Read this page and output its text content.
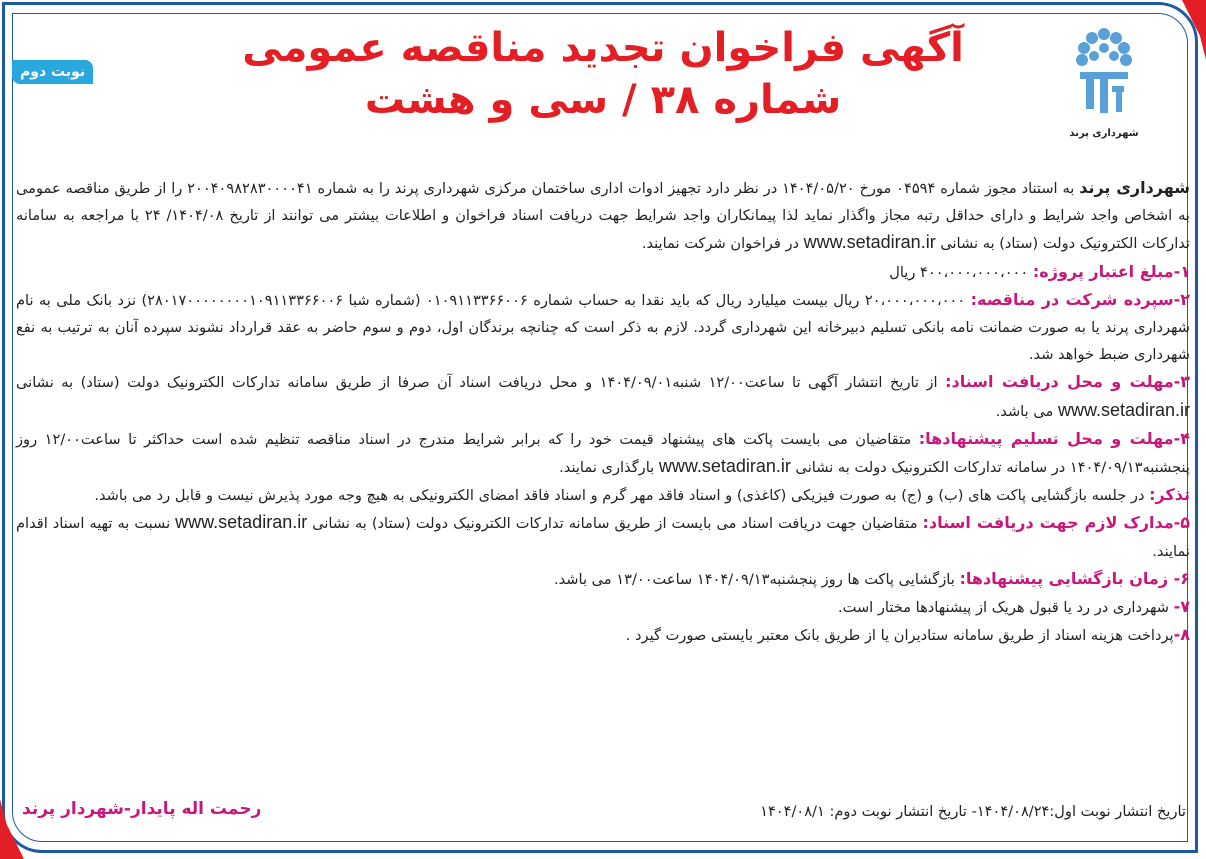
شهرداری پرند
نوبت دوم
آگهی فراخوان تجدید مناقصه عمومی
شماره ۳۸ / سی و هشت

شهرداری پرند به استناد مجوز شماره ۰۴۵۹۴ مورخ ۱۴۰۴/۰۵/۲۰ در نظر دارد تجهیز ادوات اداری ساختمان مرکزی شهرداری پرند را به شماره ۲۰۰۴۰۹۸۲۸۳۰۰۰۰۴۱ را از طریق مناقصه عمومی به اشخاص واجد شرایط و دارای حداقل رتبه مجاز واگذار نماید لذا پیمانکاران واجد شرایط جهت دریافت اسناد فراخوان و اطلاعات بیشتر می توانند از تاریخ ۱۴۰۴/۰۸/ ۲۴ با مراجعه به سامانه تدارکات الکترونیک دولت (ستاد) به نشانی www.setadiran.ir در فراخوان شرکت نمایند.

۱-مبلغ اعتبار پروژه: ۴۰۰،۰۰۰،۰۰۰،۰۰۰ ریال

۲-سپرده شرکت در مناقصه: ۲۰،۰۰۰،۰۰۰،۰۰۰ ریال بیست میلیارد ریال که باید نقدا به حساب شماره ۰۱۰۹۱۱۳۳۶۶۰۰۶ (شماره شبا ۲۸۰۱۷۰۰۰۰۰۰۰۰۱۰۹۱۱۳۳۶۶۰۰۶) نزد بانک ملی به نام شهرداری پرند یا به صورت ضمانت نامه بانکی تسلیم دبیرخانه این شهرداری گردد. لازم به ذکر است که چنانچه برندگان اول، دوم و سوم حاضر به عقد قرارداد نشوند سپرده آنان به ترتیب به نفع شهرداری ضبط خواهد شد.

۳-مهلت و محل دریافت اسناد: از تاریخ انتشار آگهی تا ساعت۱۲/۰۰ شنبه۱۴۰۴/۰۹/۰۱ و محل دریافت اسناد آن صرفا از طریق سامانه تدارکات الکترونیک دولت (ستاد) به نشانی www.setadiran.ir می باشد.

۴-مهلت و محل تسلیم پیشنهادها: متقاضیان می بایست پاکت های پیشنهاد قیمت خود را که برابر شرایط مندرج در اسناد مناقصه تنظیم شده است حداکثر تا ساعت۱۲/۰۰ روز پنجشنبه۱۴۰۴/۰۹/۱۳ در سامانه تدارکات الکترونیک دولت به نشانی www.setadiran.ir بارگذاری نمایند.

تذکر: در جلسه بازگشایی پاکت های (ب) و (ج) به صورت فیزیکی (کاغذی) و اسناد فاقد مهر گرم و اسناد فاقد امضای الکترونیکی به هیچ وجه مورد پذیرش نیست و قابل رد می باشد.

۵-مدارک لازم جهت دریافت اسناد: متقاضیان جهت دریافت اسناد می بایست از طریق سامانه تدارکات الکترونیک دولت (ستاد) به نشانی www.setadiran.ir نسبت به تهیه اسناد اقدام نمایند.

۶- زمان بازگشایی پیشنهادها: بازگشایی پاکت ها روز پنجشنبه۱۴۰۴/۰۹/۱۳ ساعت۱۳/۰۰ می باشد.

۷- شهرداری در رد یا قبول هریک از پیشنهادها مختار است.

۸-پرداخت هزینه اسناد از طریق سامانه ستادیران یا از طریق بانک معتبر بایستی صورت گیرد .

تاریخ انتشار نوبت اول:۱۴۰۴/۰۸/۲۴- تاریخ انتشار نوبت دوم: ۱۴۰۴/۰۸/۱
رحمت اله پایدار-شهردار پرند
